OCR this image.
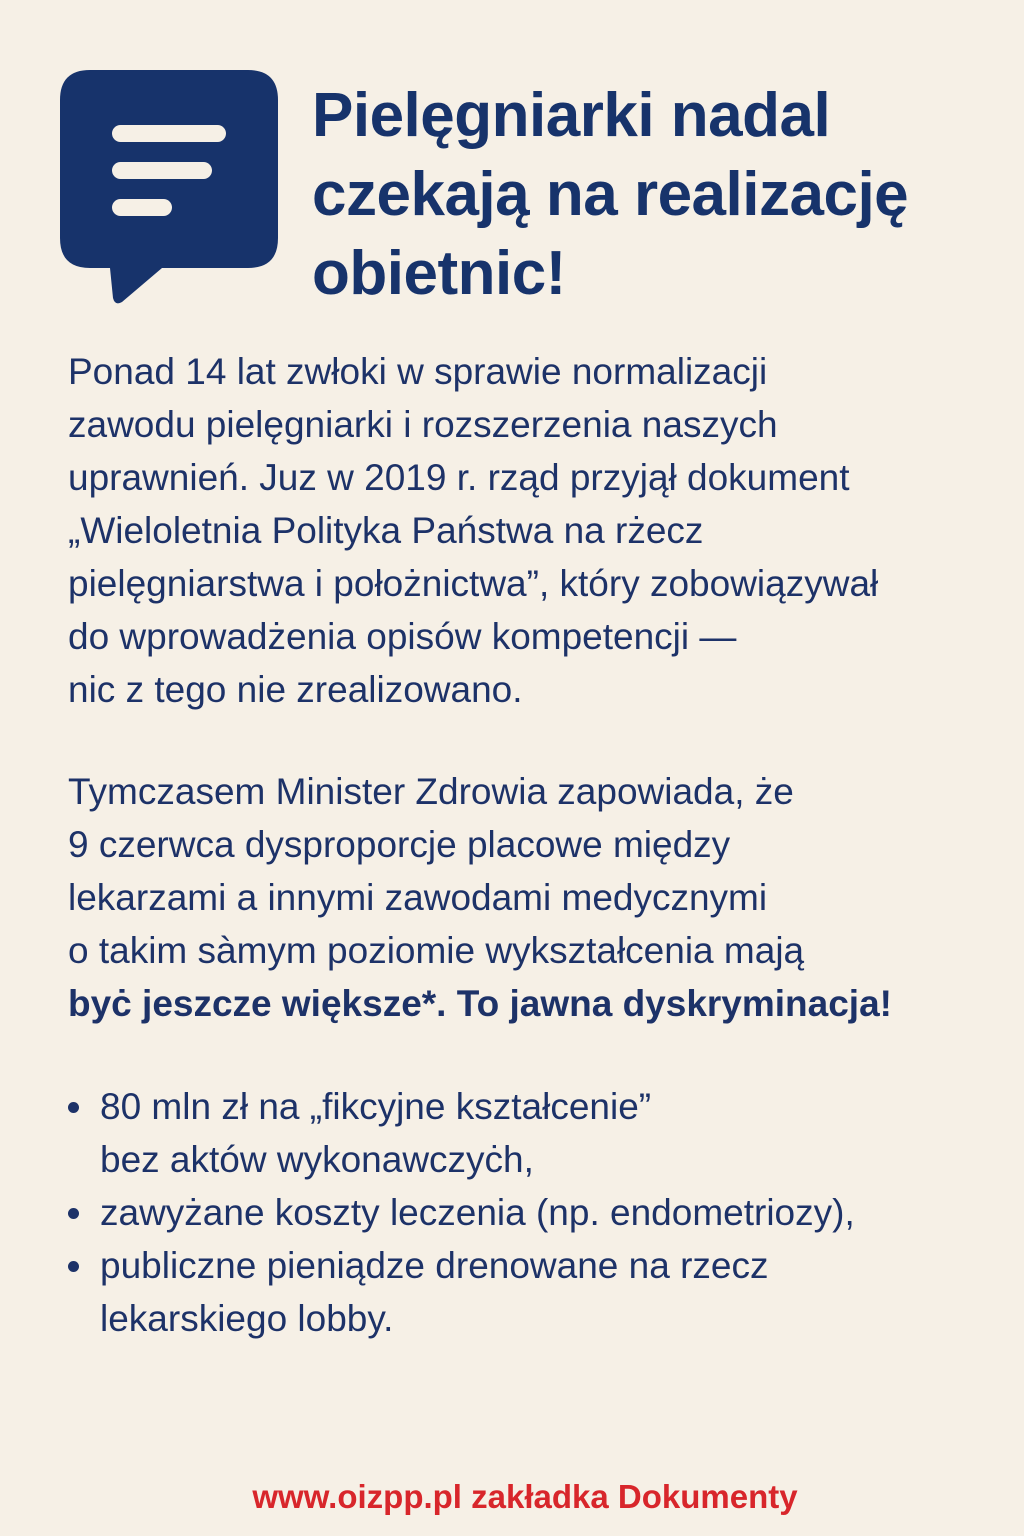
Pielęgniarki nadal
czekają na realizację
obietnic!

Ponad 14 lat zwłoki w sprawie normalizacji
zawodu pielęgniarki i rozszerzenia naszych
uprawnień. Juz w 2019 r. rząd przyjął dokument
„Wieloletnia Polityka Państwa na rżecz
pielęgniarstwa i położnictwa”, który zobowiązywał
do wprowadżenia opisów kompetencji —
nic z tego nie zrealizowano.

Tymczasem Minister Zdrowia zapowiada, że
9 czerwca dysproporcje placowe między
lekarzami a innymi zawodami medycznymi
o takim sàmym poziomie wykształcenia mają
byċ jeszcze większe*. To jawna dyskryminacja!

80 mln zł na „fikcyjne kształcenie”
bez aktów wykonawczyċh,
zawyżane koszty leczenia (np. endometriozy),
publiczne pieniądze drenowane na rzecz
lekarskiego lobby.
www.oizpp.pl zakładka Dokumenty
